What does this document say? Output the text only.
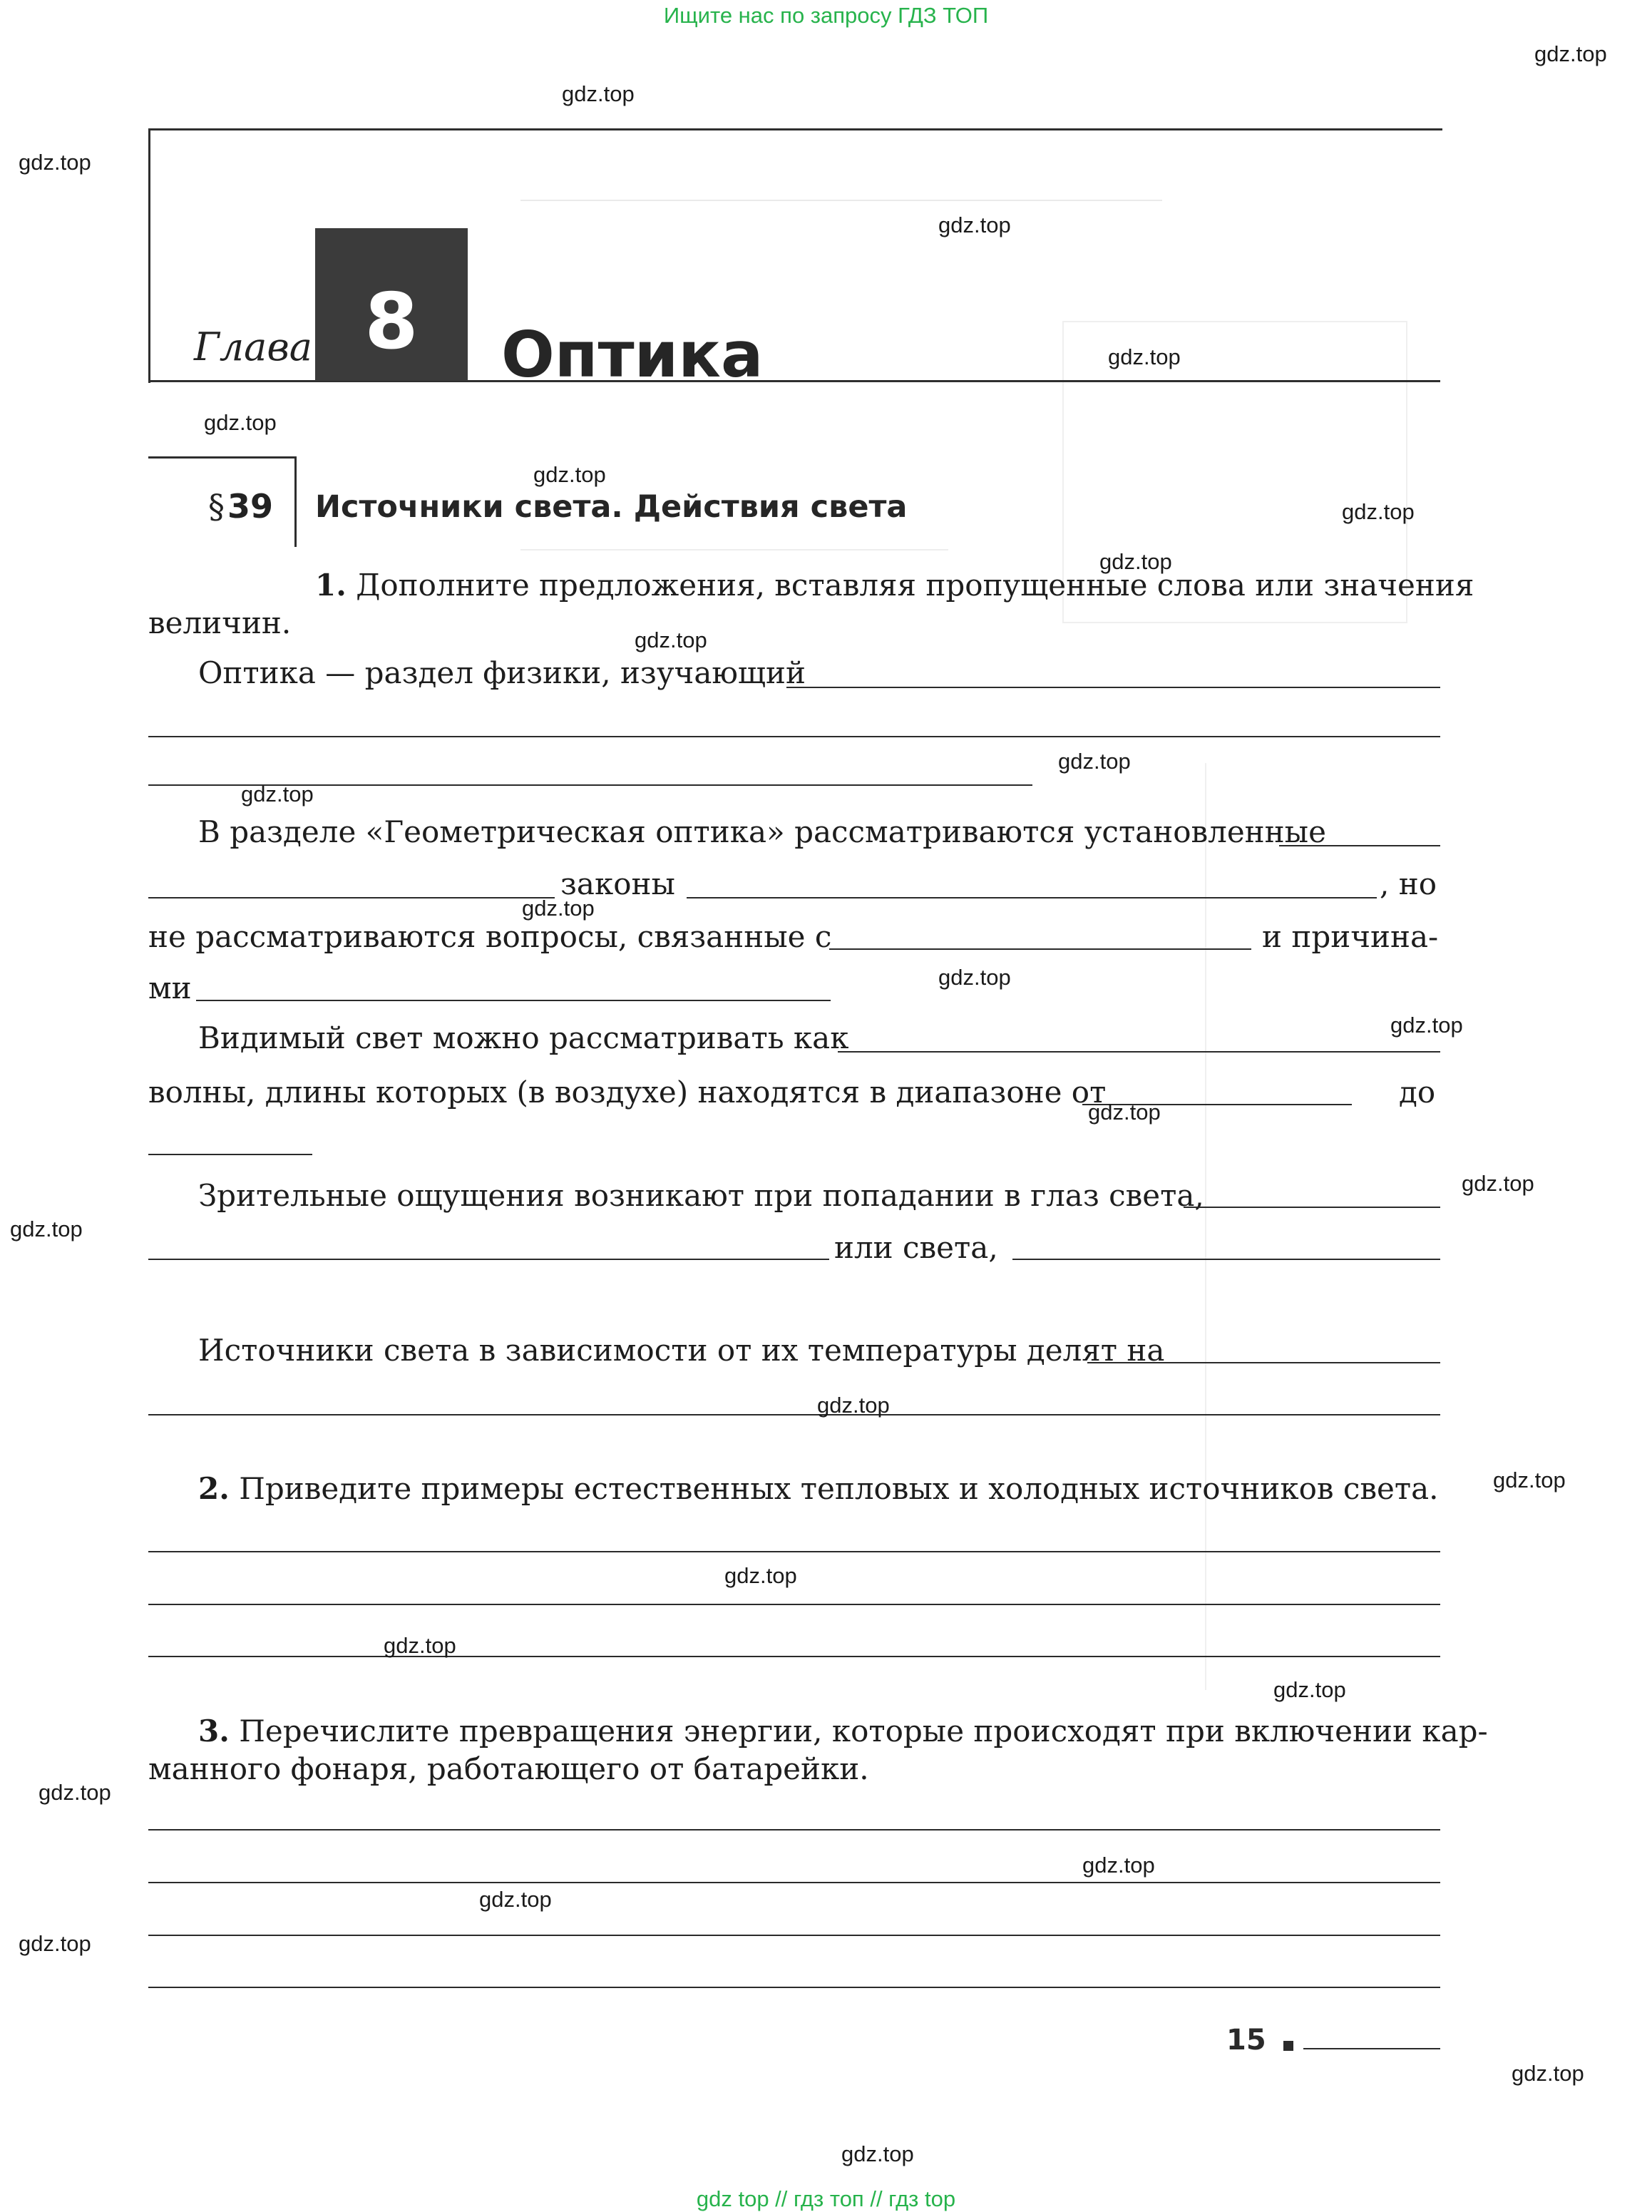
Ищите нас по запросу ГДЗ ТОП
Глава 8	Оптика
§39 Источники света. Действия света
1. Дополните предложения, вставляя пропущенные слова или значения
величин.
Оптика — раздел физики, изучающий
В разделе «Геометрическая оптика» рассматриваются установленные
законы	, но
не рассматриваются вопросы, связанные с	и причина-
ми
Видимый свет можно рассматривать как
волны, длины которых (в воздухе) находятся в диапазоне от	до
Зрительные ощущения возникают при попадании в глаз света,
или света,
Источники света в зависимости от их температуры делят на
2. Приведите примеры естественных тепловых и холодных источников света.
3. Перечислите превращения энергии, которые происходят при включении кар-
манного фонаря, работающего от батарейки.
15
gdz.top
gdz.top
gdz.top
gdz.top
gdz.top
gdz.top
gdz.top
gdz.top
gdz.top
gdz.top
gdz.top
gdz.top
gdz.top
gdz.top
gdz.top
gdz.top
gdz.top
gdz.top
gdz.top
gdz.top
gdz.top
gdz.top
gdz.top
gdz.top
gdz.top
gdz.top
gdz.top
gdz.top
gdz.top
gdz top // гдз топ // гдз top
